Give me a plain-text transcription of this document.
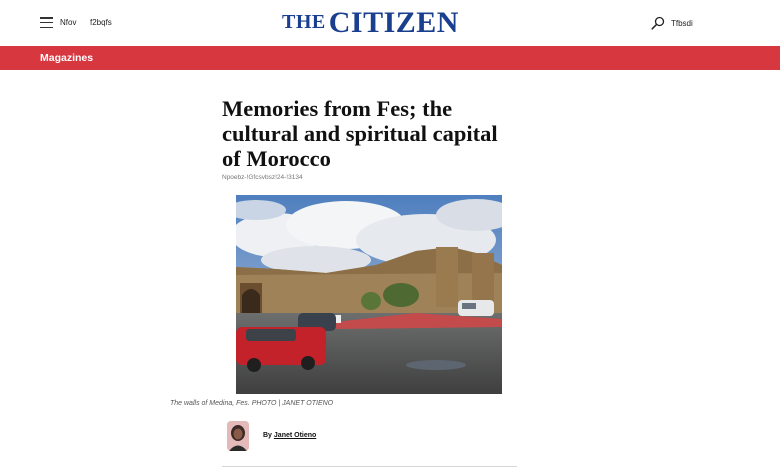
Nfov f2bqfs	THE CITIZEN	Tfbsdi
Magazines
Memories from Fes; the cultural and spiritual capital of Morocco
Npoebz-!Gfcsvbsz!24-!3134
The walls of Medina, Fes. PHOTO | JANET OTIENO
By Janet Otieno
